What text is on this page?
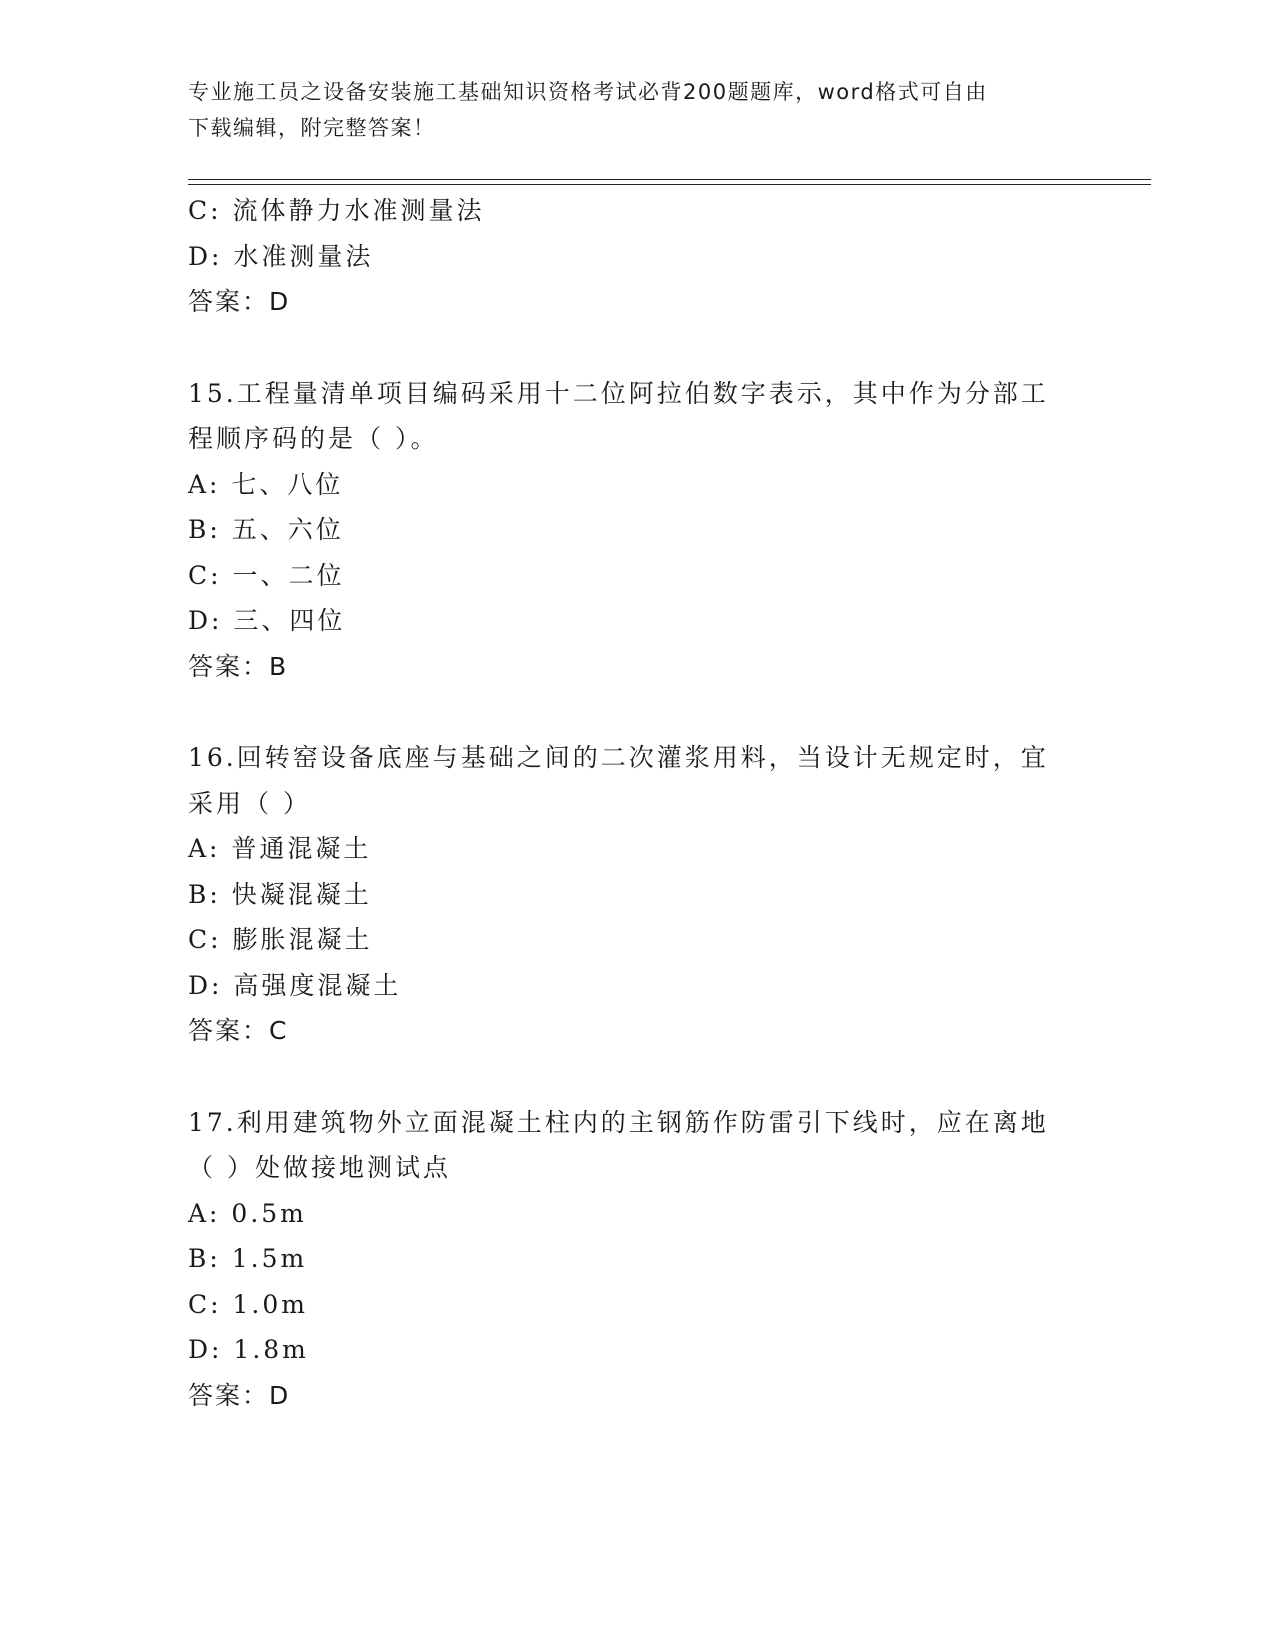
专业施工员之设备安装施工基础知识资格考试必背200题题库，word格式可自由
下载编辑，附完整答案！
C: 流体静力水准测量法
D: 水准测量法
答案：D
15.工程量清单项目编码采用十二位阿拉伯数字表示，其中作为分部工
程顺序码的是（ ）。
A: 七、八位
B: 五、六位
C: 一、二位
D: 三、四位
答案：B
16.回转窑设备底座与基础之间的二次灌浆用料，当设计无规定时，宜
采用（ ）
A: 普通混凝土
B: 快凝混凝土
C: 膨胀混凝土
D: 高强度混凝土
答案：C
17.利用建筑物外立面混凝土柱内的主钢筋作防雷引下线时，应在离地
（ ）处做接地测试点
A: 0.5m
B: 1.5m
C: 1.0m
D: 1.8m
答案：D
